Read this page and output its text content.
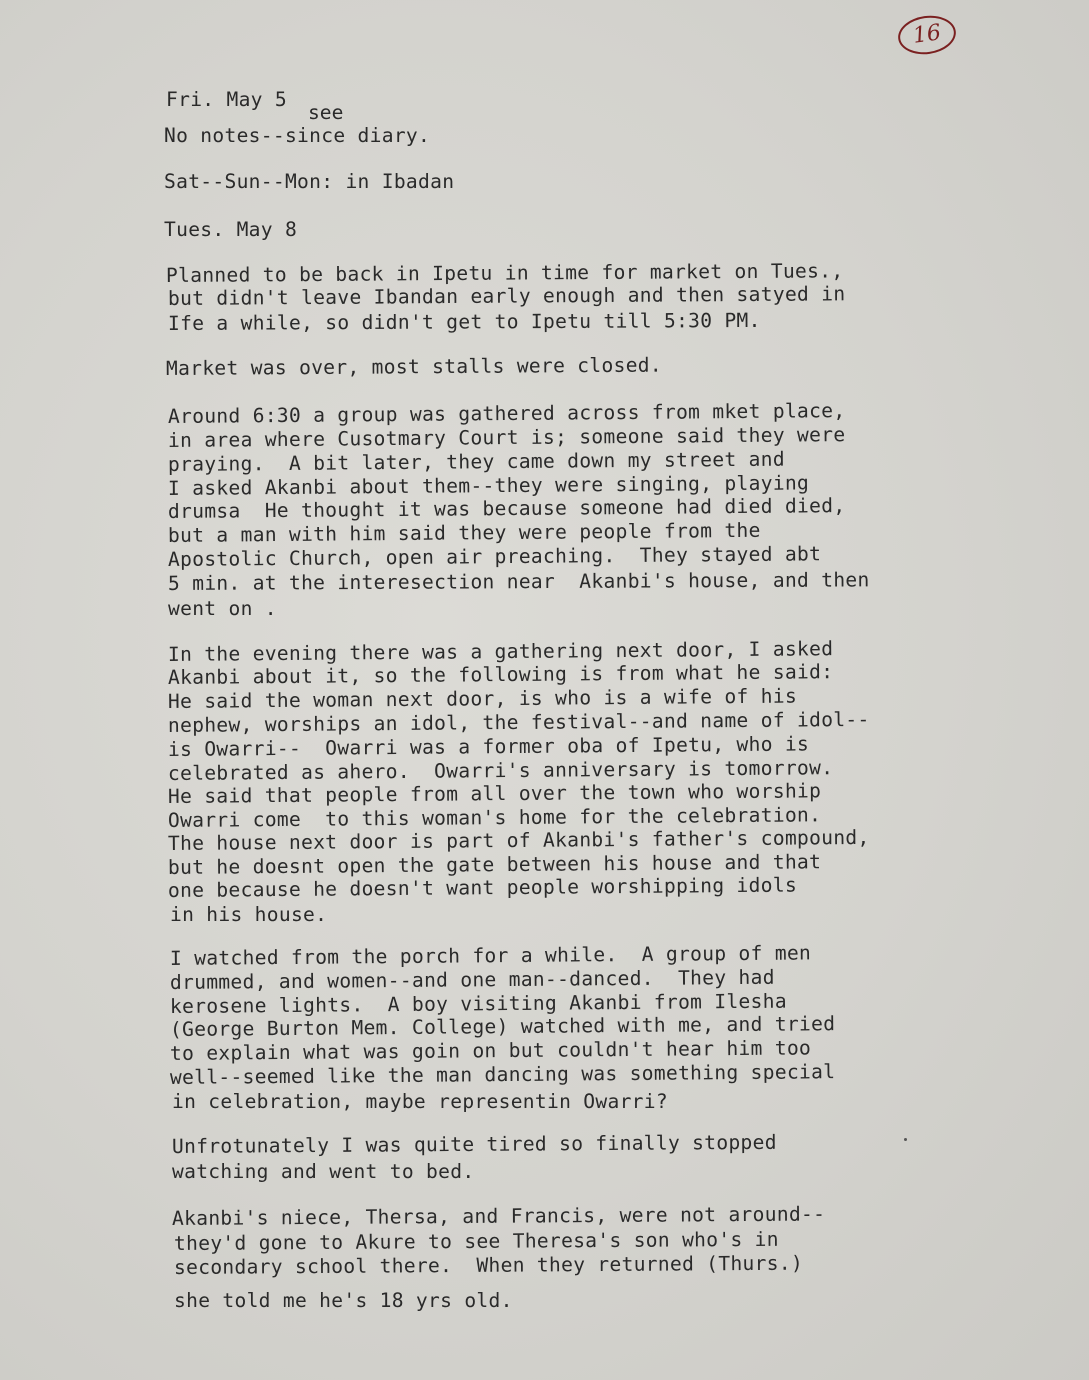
16
see
Fri. May 5
No notes--since diary.
Sat--Sun--Mon: in Ibadan
Tues. May 8
Planned to be back in Ipetu in time for market on Tues.,
but didn't leave Ibandan early enough and then satyed in
Ife a while, so didn't get to Ipetu till 5:30 PM.
Market was over, most stalls were closed.
Around 6:30 a group was gathered across from mket place,
in area where Cusotmary Court is; someone said they were
praying.  A bit later, they came down my street and
I asked Akanbi about them--they were singing, playing
drumsa  He thought it was because someone had died died,
but a man with him said they were people from the
Apostolic Church, open air preaching.  They stayed abt
5 min. at the interesection near  Akanbi's house, and then
went on .
In the evening there was a gathering next door, I asked
Akanbi about it, so the following is from what he said:
He said the woman next door, is who is a wife of his
nephew, worships an idol, the festival--and name of idol--
is Owarri--  Owarri was a former oba of Ipetu, who is
celebrated as ahero.  Owarri's anniversary is tomorrow.
He said that people from all over the town who worship
Owarri come  to this woman's home for the celebration.
The house next door is part of Akanbi's father's compound,
but he doesnt open the gate between his house and that
one because he doesn't want people worshipping idols
in his house.
I watched from the porch for a while.  A group of men
drummed, and women--and one man--danced.  They had
kerosene lights.  A boy visiting Akanbi from Ilesha
(George Burton Mem. College) watched with me, and tried
to explain what was goin on but couldn't hear him too
well--seemed like the man dancing was something special
in celebration, maybe representin Owarri?
Unfrotunately I was quite tired so finally stopped
watching and went to bed.
Akanbi's niece, Thersa, and Francis, were not around--
they'd gone to Akure to see Theresa's son who's in
secondary school there.  When they returned (Thurs.)
she told me he's 18 yrs old.
